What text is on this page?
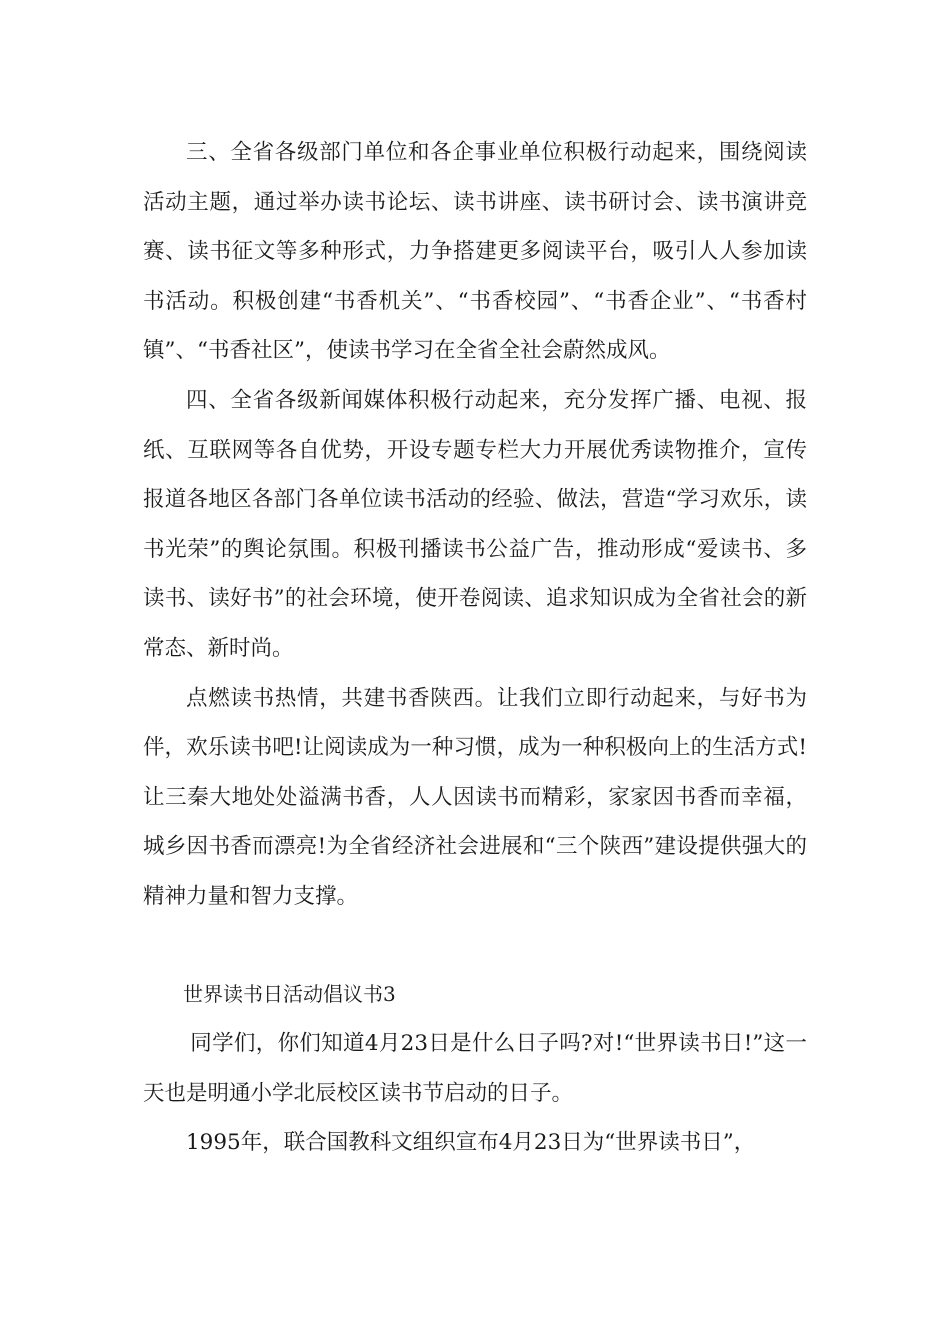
三、全省各级部门单位和各企事业单位积极行动起来，围绕阅读活动主题，通过举办读书论坛、读书讲座、读书研讨会、读书演讲竞赛、读书征文等多种形式，力争搭建更多阅读平台，吸引人人参加读书活动。积极创建“书香机关”、“书香校园”、“书香企业”、“书香村镇”、“书香社区”，使读书学习在全省全社会蔚然成风。

四、全省各级新闻媒体积极行动起来，充分发挥广播、电视、报纸、互联网等各自优势，开设专题专栏大力开展优秀读物推介，宣传报道各地区各部门各单位读书活动的经验、做法，营造“学习欢乐，读书光荣”的舆论氛围。积极刊播读书公益广告，推动形成“爱读书、多读书、读好书”的社会环境，使开卷阅读、追求知识成为全省社会的新常态、新时尚。

点燃读书热情，共建书香陕西。让我们立即行动起来，与好书为伴，欢乐读书吧!让阅读成为一种习惯，成为一种积极向上的生活方式!让三秦大地处处溢满书香，人人因读书而精彩，家家因书香而幸福，城乡因书香而漂亮!为全省经济社会进展和“三个陕西”建设提供强大的精神力量和智力支撑。

世界读书日活动倡议书3

同学们，你们知道4月23日是什么日子吗?对!“世界读书日!”这一天也是明通小学北辰校区读书节启动的日子。

1995年，联合国教科文组织宣布4月23日为“世界读书日”，
